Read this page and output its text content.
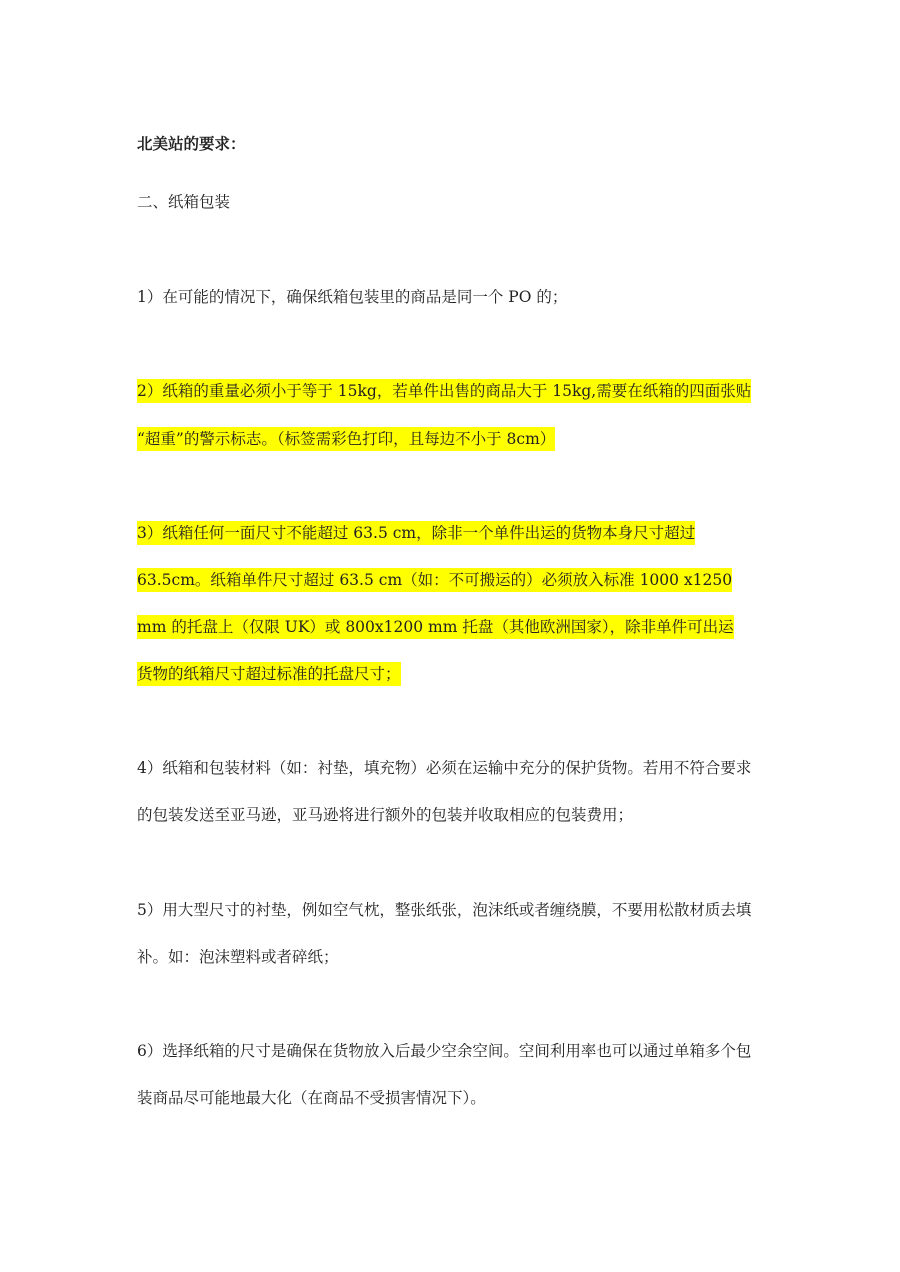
北美站的要求：
二、纸箱包装
1）在可能的情况下，确保纸箱包装里的商品是同一个 PO 的；
2）纸箱的重量必须小于等于 15kg，若单件出售的商品大于 15kg,需要在纸箱的四面张贴
“超重”的警示标志。（标签需彩色打印，且每边不小于 8cm）
3）纸箱任何一面尺寸不能超过 63.5 cm，除非一个单件出运的货物本身尺寸超过
63.5cm。纸箱单件尺寸超过 63.5 cm（如：不可搬运的）必须放入标准 1000 x1250
mm 的托盘上（仅限 UK）或 800x1200 mm 托盘（其他欧洲国家），除非单件可出运
货物的纸箱尺寸超过标准的托盘尺寸；
4）纸箱和包装材料（如：衬垫，填充物）必须在运输中充分的保护货物。若用不符合要求
的包装发送至亚马逊，亚马逊将进行额外的包装并收取相应的包装费用；
5）用大型尺寸的衬垫，例如空气枕，整张纸张，泡沫纸或者缠绕膜，不要用松散材质去填
补。如：泡沫塑料或者碎纸；
6）选择纸箱的尺寸是确保在货物放入后最少空余空间。空间利用率也可以通过单箱多个包
装商品尽可能地最大化（在商品不受损害情况下）。
